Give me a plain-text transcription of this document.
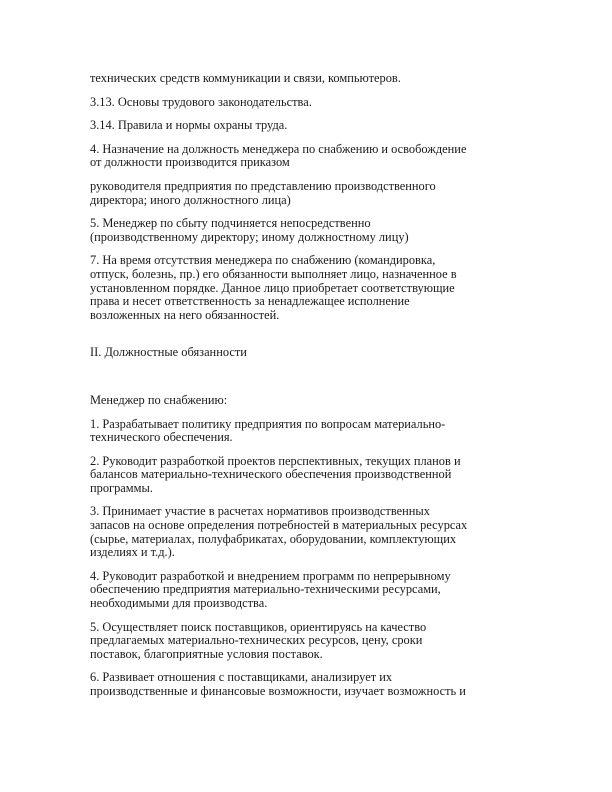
технических средств коммуникации и связи, компьютеров.

3.13. Основы трудового законодательства.

3.14. Правила и нормы охраны труда.

4. Назначение на должность менеджера по снабжению и освобождение
от должности производится приказом

руководителя предприятия по представлению производственного
директора; иного должностного лица)

5. Менеджер по сбыту подчиняется непосредственно
(производственному директору; иному должностному лицу)

7. На время отсутствия менеджера по снабжению (командировка,
отпуск, болезнь, пр.) его обязанности выполняет лицо, назначенное в
установленном порядке. Данное лицо приобретает соответствующие
права и несет ответственность за ненадлежащее исполнение
возложенных на него обязанностей.

II. Должностные обязанности

Менеджер по снабжению:

1. Разрабатывает политику предприятия по вопросам материально-
технического обеспечения.

2. Руководит разработкой проектов перспективных, текущих планов и
балансов материально-технического обеспечения производственной
программы.

3. Принимает участие в расчетах нормативов производственных
запасов на основе определения потребностей в материальных ресурсах
(сырье, материалах, полуфабрикатах, оборудовании, комплектующих
изделиях и т.д.).

4. Руководит разработкой и внедрением программ по непрерывному
обеспечению предприятия материально-техническими ресурсами,
необходимыми для производства.

5. Осуществляет поиск поставщиков, ориентируясь на качество
предлагаемых материально-технических ресурсов, цену, сроки
поставок, благоприятные условия поставок.

6. Развивает отношения с поставщиками, анализирует их
производственные и финансовые возможности, изучает возможность и
